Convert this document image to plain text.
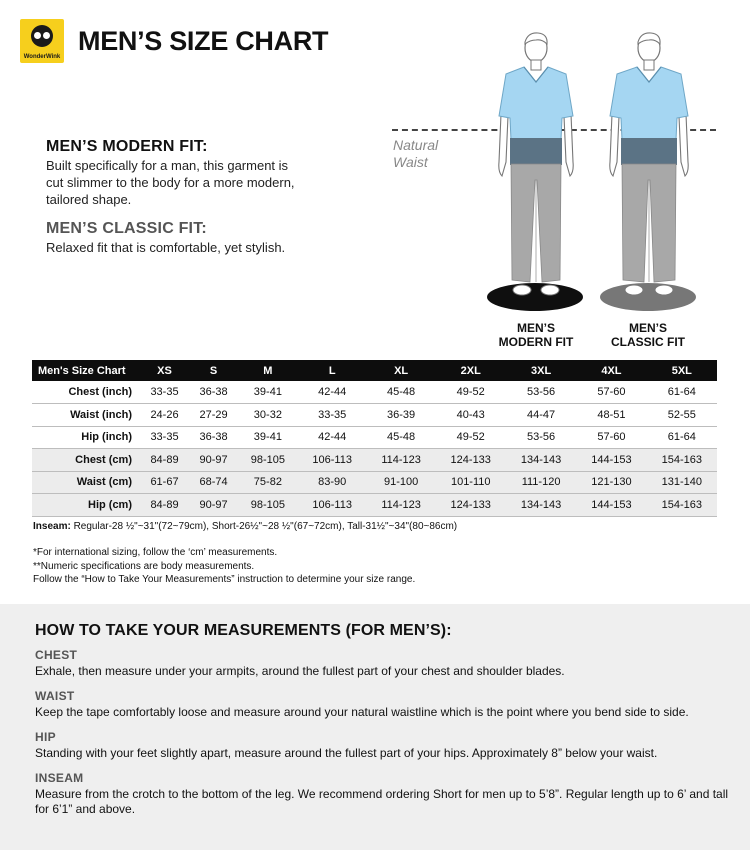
WonderWink
MEN’S SIZE CHART
MEN’S MODERN FIT:
Built specifically for a man, this garment is cut slimmer to the body for a more modern, tailored shape.
MEN’S CLASSIC FIT:
Relaxed fit that is comfortable, yet stylish.
Natural
Waist
MEN’S
MODERN FIT
MEN’S
CLASSIC FIT
Men's Size Chart	XS	S	M	L	XL	2XL	3XL	4XL	5XL
Chest (inch)	33-35	36-38	39-41	42-44	45-48	49-52	53-56	57-60	61-64
Waist (inch)	24-26	27-29	30-32	33-35	36-39	40-43	44-47	48-51	52-55
Hip (inch)	33-35	36-38	39-41	42-44	45-48	49-52	53-56	57-60	61-64
Chest (cm)	84-89	90-97	98-105	106-113	114-123	124-133	134-143	144-153	154-163
Waist (cm)	61-67	68-74	75-82	83-90	91-100	101-110	111-120	121-130	131-140
Hip (cm)	84-89	90-97	98-105	106-113	114-123	124-133	134-143	144-153	154-163
Inseam: Regular-28 ½"~31"(72~79cm), Short-26½"~28 ½"(67~72cm), Tall-31½"~34"(80~86cm)
*For international sizing, follow the ‘cm’ measurements.
**Numeric specifications are body measurements.
Follow the “How to Take Your Measurements” instruction to determine your size range.
HOW TO TAKE YOUR MEASUREMENTS (FOR MEN’S):
CHEST
Exhale, then measure under your armpits, around the fullest part of your chest and shoulder blades.
WAIST
Keep the tape comfortably loose and measure around your natural waistline which is the point where you bend side to side.
HIP
Standing with your feet slightly apart, measure around the fullest part of your hips. Approximately 8” below your waist.
INSEAM
Measure from the crotch to the bottom of the leg. We recommend ordering Short for men up to 5’8”. Regular length up to 6’ and tall for 6’1” and above.
